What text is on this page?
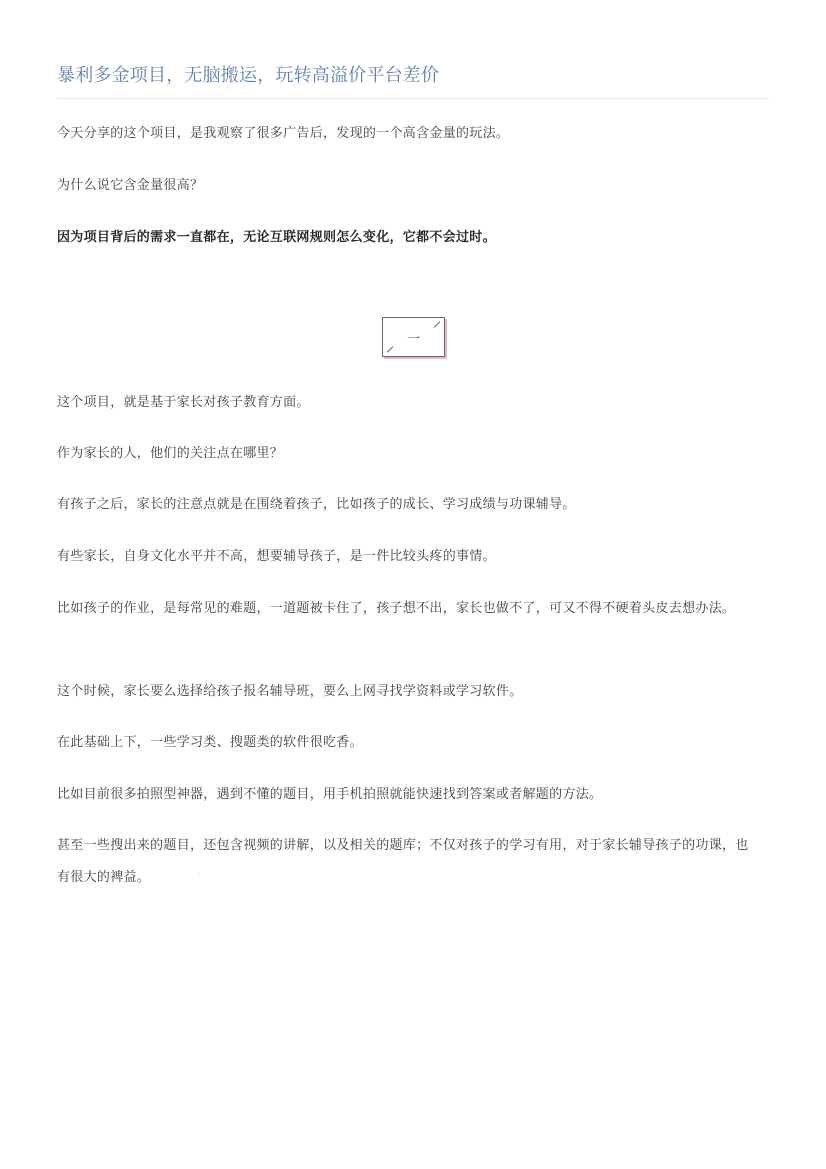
暴利多金项目，无脑搬运，玩转高溢价平台差价

今天分享的这个项目，是我观察了很多广告后，发现的一个高含金量的玩法。

为什么说它含金量很高？

因为项目背后的需求一直都在，无论互联网规则怎么变化，它都不会过时。

一

这个项目，就是基于家长对孩子教育方面。

作为家长的人，他们的关注点在哪里？

有孩子之后，家长的注意点就是在围绕着孩子，比如孩子的成长、学习成绩与功课辅导。

有些家长，自身文化水平并不高，想要辅导孩子，是一件比较头疼的事情。

比如孩子的作业，是每常见的难题，一道题被卡住了，孩子想不出，家长也做不了，可又不得不硬着头皮去想办法。

这个时候，家长要么选择给孩子报名辅导班，要么上网寻找学资料或学习软件。

在此基础上下，一些学习类、搜题类的软件很吃香。

比如目前很多拍照型神器，遇到不懂的题目，用手机拍照就能快速找到答案或者解题的方法。

甚至一些搜出来的题目，还包含视频的讲解，以及相关的题库；不仅对孩子的学习有用，对于家长辅导孩子的功课，也有很大的裨益。	`
